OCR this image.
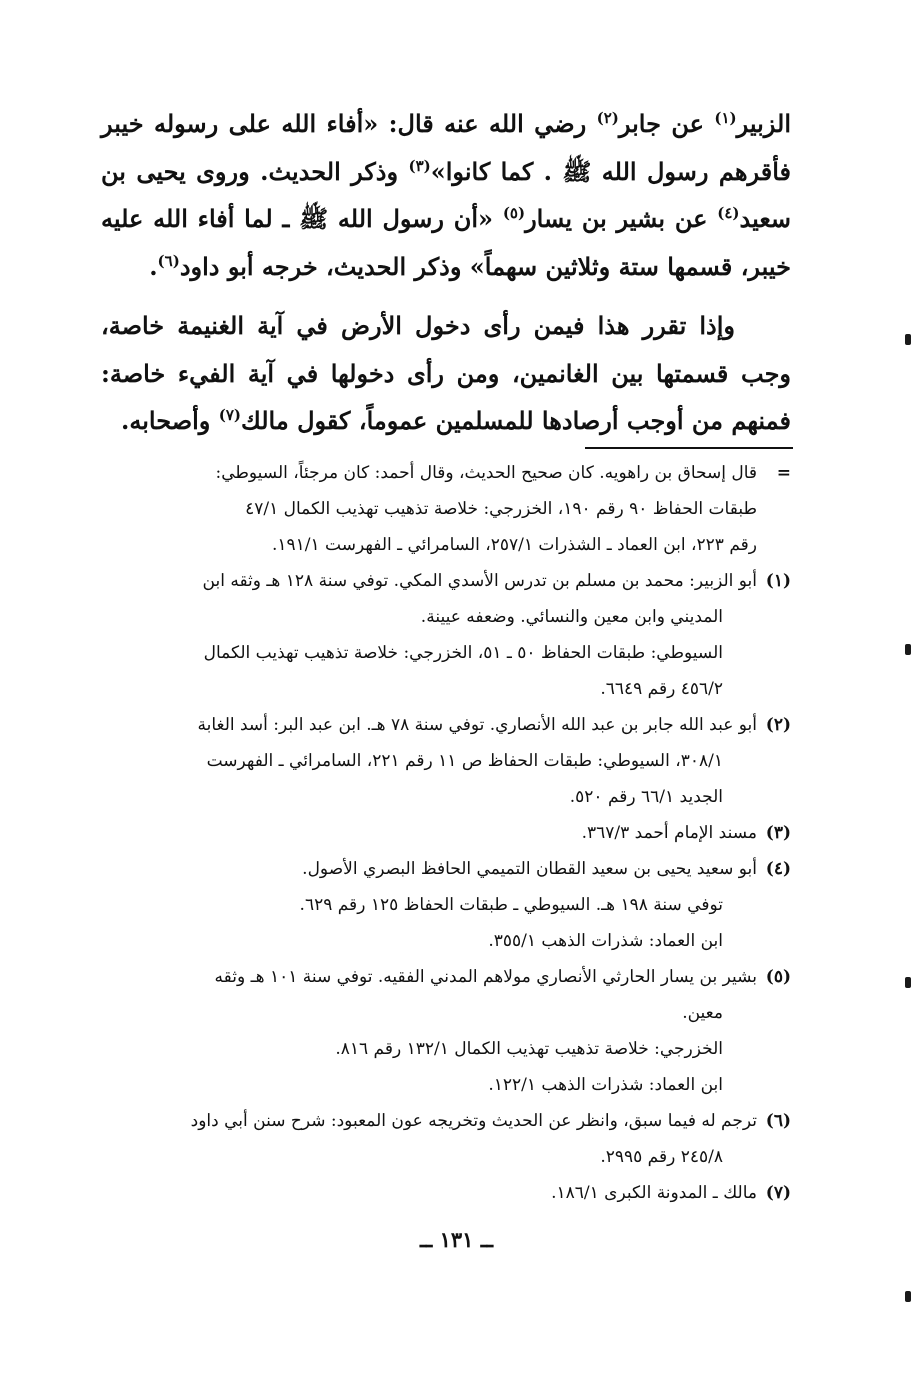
الزبير$^{(١)}$ عن جابر$^{(٢)}$ رضي الله عنه قال: «أفاء الله على رسوله خيبر فأقرهم رسول الله ﷺ . كما كانوا»$^{(٣)}$ وذكر الحديث. وروى يحيى بن سعيد$^{(٤)}$ عن بشير بن يسار$^{(٥)}$ «أن رسول الله ﷺ ـ لما أفاء الله عليه خيبر، قسمها ستة وثلاثين سهماً» وذكر الحديث، خرجه أبو داود$^{(٦)}$.

وإذا تقرر هذا فيمن رأى دخول الأرض في آية الغنيمة خاصة، وجب قسمتها بين الغانمين، ومن رأى دخولها في آية الفيء خاصة: فمنهم من أوجب أرصادها للمسلمين عموماً، كقول مالك$^{(٧)}$ وأصحابه.

=
قال إسحاق بن راهويه. كان صحيح الحديث، وقال أحمد: كان مرجئاً، السيوطي:
طبقات الحفاظ ٩٠ رقم ١٩٠، الخزرجي: خلاصة تذهيب تهذيب الكمال ٤٧/١
رقم ٢٢٣، ابن العماد ـ الشذرات ٢٥٧/١، السامرائي ـ الفهرست ١٩١/١.
(١)
أبو الزبير: محمد بن مسلم بن تدرس الأسدي المكي. توفي سنة ١٢٨ هـ وثقه ابن
المديني وابن معين والنسائي. وضعفه عيينة.
السيوطي: طبقات الحفاظ ٥٠ ـ ٥١، الخزرجي: خلاصة تذهيب تهذيب الكمال
٤٥٦/٢ رقم ٦٦٤٩.
(٢)
أبو عبد الله جابر بن عبد الله الأنصاري. توفي سنة ٧٨ هـ. ابن عبد البر: أسد الغابة
٣٠٨/١، السيوطي: طبقات الحفاظ ص ١١ رقم ٢٢١، السامرائي ـ الفهرست
الجديد ٦٦/١ رقم ٥٢٠.
(٣)
مسند الإمام أحمد ٣٦٧/٣.
(٤)
أبو سعيد يحيى بن سعيد القطان التميمي الحافظ البصري الأصول.
توفي سنة ١٩٨ هـ. السيوطي ـ طبقات الحفاظ ١٢٥ رقم ٦٢٩.
ابن العماد: شذرات الذهب ٣٥٥/١.
(٥)
بشير بن يسار الحارثي الأنصاري مولاهم المدني الفقيه. توفي سنة ١٠١ هـ وثقه
معين.
الخزرجي: خلاصة تذهيب تهذيب الكمال ١٣٢/١ رقم ٨١٦.
ابن العماد: شذرات الذهب ١٢٢/١.
(٦)
ترجم له فيما سبق، وانظر عن الحديث وتخريجه عون المعبود: شرح سنن أبي داود
٢٤٥/٨ رقم ٢٩٩٥.
(٧)
مالك ـ المدونة الكبرى ١٨٦/١.
ــ ١٣١ ــ
